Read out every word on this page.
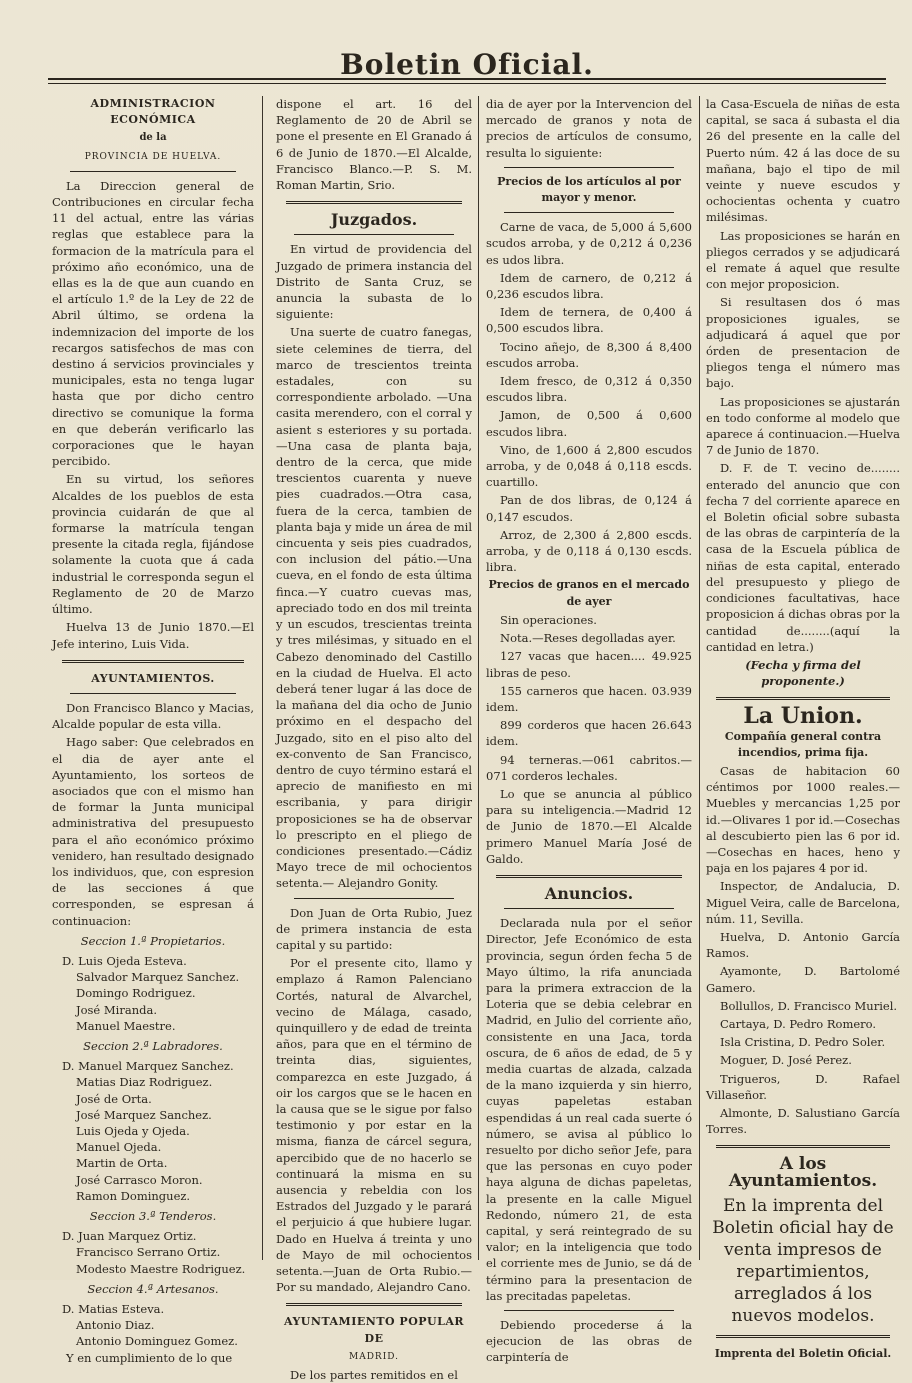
Boletin Oficial.

ADMINISTRACION ECONÓMICA

de la

PROVINCIA DE HUELVA.

La Direccion general de Contribuciones en circular fecha 11 del actual, entre las várias reglas que establece para la formacion de la matrícula para el próximo año económico, una de ellas es la de que aun cuando en el artículo 1.º de la Ley de 22 de Abril último, se ordena la indemnizacion del importe de los recargos satisfechos de mas con destino á servicios provinciales y municipales, esta no tenga lugar hasta que por dicho centro directivo se comunique la forma en que deberán verificarlo las corporaciones que le hayan percibido.

En su virtud, los señores Alcaldes de los pueblos de esta provincia cuidarán de que al formarse la matrícula tengan presente la citada regla, fijándose solamente la cuota que á cada industrial le corresponda segun el Reglamento de 20 de Marzo último.

Huelva 13 de Junio 1870.—El Jefe interino, Luis Vida.

AYUNTAMIENTOS.

Don Francisco Blanco y Macias, Alcalde popular de esta villa.

Hago saber: Que celebrados en el dia de ayer ante el Ayuntamiento, los sorteos de asociados que con el mismo han de formar la Junta municipal administrativa del presupuesto para el año económico próximo venidero, han resultado designado los individuos, que, con espresion de las secciones á que corresponden, se espresan á continuacion:

Seccion 1.ª Propietarios.

D. Luis Ojeda Esteva.

Salvador Marquez Sanchez.

Domingo Rodriguez.

José Miranda.

Manuel Maestre.

Seccion 2.ª Labradores.

D. Manuel Marquez Sanchez.

Matias Diaz Rodriguez.

José de Orta.

José Marquez Sanchez.

Luis Ojeda y Ojeda.

Manuel Ojeda.

Martin de Orta.

José Carrasco Moron.

Ramon Dominguez.

Seccion 3.ª Tenderos.

D. Juan Marquez Ortiz.

Francisco Serrano Ortiz.

Modesto Maestre Rodriguez.

Seccion 4.ª Artesanos.

D. Matias Esteva.

Antonio Diaz.

Antonio Dominguez Gomez.

Y en cumplimiento de lo que

dispone el art. 16 del Reglamento de 20 de Abril se pone el presente en El Granado á 6 de Junio de 1870.—El Alcalde, Francisco Blanco.—P. S. M. Roman Martin, Srio.

Juzgados.

En virtud de providencia del Juzgado de primera instancia del Distrito de Santa Cruz, se anuncia la subasta de lo siguiente:

Una suerte de cuatro fanegas, siete celemines de tierra, del marco de trescientos treinta estadales, con su correspondiente arbolado. —Una casita merendero, con el corral y asient s esteriores y su portada.—Una casa de planta baja, dentro de la cerca, que mide trescientos cuarenta y nueve pies cuadrados.—Otra casa, fuera de la cerca, tambien de planta baja y mide un área de mil cincuenta y seis pies cuadrados, con inclusion del pátio.—Una cueva, en el fondo de esta última finca.—Y cuatro cuevas mas, apreciado todo en dos mil treinta y un escudos, trescientas treinta y tres milésimas, y situado en el Cabezo denominado del Castillo en la ciudad de Huelva. El acto deberá tener lugar á las doce de la mañana del dia ocho de Junio próximo en el despacho del Juzgado, sito en el piso alto del ex-convento de San Francisco, dentro de cuyo término estará el aprecio de manifiesto en mi escribania, y para dirigir proposiciones se ha de observar lo prescripto en el pliego de condiciones presentado.—Cádiz Mayo trece de mil ochocientos setenta.— Alejandro Gonity.

Don Juan de Orta Rubio, Juez de primera instancia de esta capital y su partido:

Por el presente cito, llamo y emplazo á Ramon Palenciano Cortés, natural de Alvarchel, vecino de Málaga, casado, quinquillero y de edad de treinta años, para que en el término de treinta dias, siguientes, comparezca en este Juzgado, á oir los cargos que se le hacen en la causa que se le sigue por falso testimonio y por estar en la misma, fianza de cárcel segura, apercibido que de no hacerlo se continuará la misma en su ausencia y rebeldia con los Estrados del Juzgado y le parará el perjuicio á que hubiere lugar. Dado en Huelva á treinta y uno de Mayo de mil ochocientos setenta.—Juan de Orta Rubio.—Por su mandado, Alejandro Cano.

AYUNTAMIENTO POPULAR DE

MADRID.

De los partes remitidos en el

dia de ayer por la Intervencion del mercado de granos y nota de precios de artículos de consumo, resulta lo siguiente:

Precios de los artículos al por mayor y menor.

Carne de vaca, de 5,000 á 5,600 scudos arroba, y de 0,212 á 0,236 es udos libra.

Idem de carnero, de 0,212 á 0,236 escudos libra.

Idem de ternera, de 0,400 á 0,500 escudos libra.

Tocino añejo, de 8,300 á 8,400 escudos arroba.

Idem fresco, de 0,312 á 0,350 escudos libra.

Jamon, de 0,500 á 0,600 escudos libra.

Vino, de 1,600 á 2,800 escudos arroba, y de 0,048 á 0,118 escds. cuartillo.

Pan de dos libras, de 0,124 á 0,147 escudos.

Arroz, de 2,300 á 2,800 escds. arroba, y de 0,118 á 0,130 escds. libra.

Precios de granos en el mercado de ayer

Sin operaciones.

Nota.—Reses degolladas ayer.

127 vacas que hacen.... 49.925 libras de peso.

155 carneros que hacen. 03.939 idem.

899 corderos que hacen 26.643 idem.

94 terneras.—061 cabritos.—071 corderos lechales.

Lo que se anuncia al público para su inteligencia.—Madrid 12 de Junio de 1870.—El Alcalde primero Manuel María José de Galdo.

Anuncios.

Declarada nula por el señor Director, Jefe Económico de esta provincia, segun órden fecha 5 de Mayo último, la rifa anunciada para la primera extraccion de la Loteria que se debia celebrar en Madrid, en Julio del corriente año, consistente en una Jaca, torda oscura, de 6 años de edad, de 5 y media cuartas de alzada, calzada de la mano izquierda y sin hierro, cuyas papeletas estaban espendidas á un real cada suerte ó número, se avisa al público lo resuelto por dicho señor Jefe, para que las personas en cuyo poder haya alguna de dichas papeletas, la presente en la calle Miguel Redondo, número 21, de esta capital, y será reintegrado de su valor; en la inteligencia que todo el corriente mes de Junio, se dá de término para la presentacion de las precitadas papeletas.

Debiendo procederse á la ejecucion de las obras de carpintería de

la Casa-Escuela de niñas de esta capital, se saca á subasta el dia 26 del presente en la calle del Puerto núm. 42 á las doce de su mañana, bajo el tipo de mil veinte y nueve escudos y ochocientas ochenta y cuatro milésimas.

Las proposiciones se harán en pliegos cerrados y se adjudicará el remate á aquel que resulte con mejor proposicion.

Si resultasen dos ó mas proposiciones iguales, se adjudicará á aquel que por órden de presentacion de pliegos tenga el número mas bajo.

Las proposiciones se ajustarán en todo conforme al modelo que aparece á continuacion.—Huelva 7 de Junio de 1870.

D. F. de T. vecino de........ enterado del anuncio que con fecha 7 del corriente aparece en el Boletin oficial sobre subasta de las obras de carpintería de la casa de la Escuela pública de niñas de esta capital, enterado del presupuesto y pliego de condiciones facultativas, hace proposicion á dichas obras por la cantidad de........(aquí la cantidad en letra.)

(Fecha y firma del proponente.)

La Union.

Compañía general contra incendios, prima fija.

Casas de habitacion 60 céntimos por 1000 reales.—Muebles y mercancias 1,25 por id.—Olivares 1 por id.—Cosechas al descubierto pien las 6 por id.—Cosechas en haces, heno y paja en los pajares 4 por id.

Inspector, de Andalucia, D. Miguel Veira, calle de Barcelona, núm. 11, Sevilla.

Huelva, D. Antonio García Ramos.

Ayamonte, D. Bartolomé Gamero.

Bollullos, D. Francisco Muriel.

Cartaya, D. Pedro Romero.

Isla Cristina, D. Pedro Soler.

Moguer, D. José Perez.

Trigueros, D. Rafael Villaseñor.

Almonte, D. Salustiano García Torres.

A los Ayuntamientos.

En la imprenta del Boletin oficial hay de venta impresos de repartimientos, arreglados á los nuevos modelos.

Imprenta del Boletin Oficial.
